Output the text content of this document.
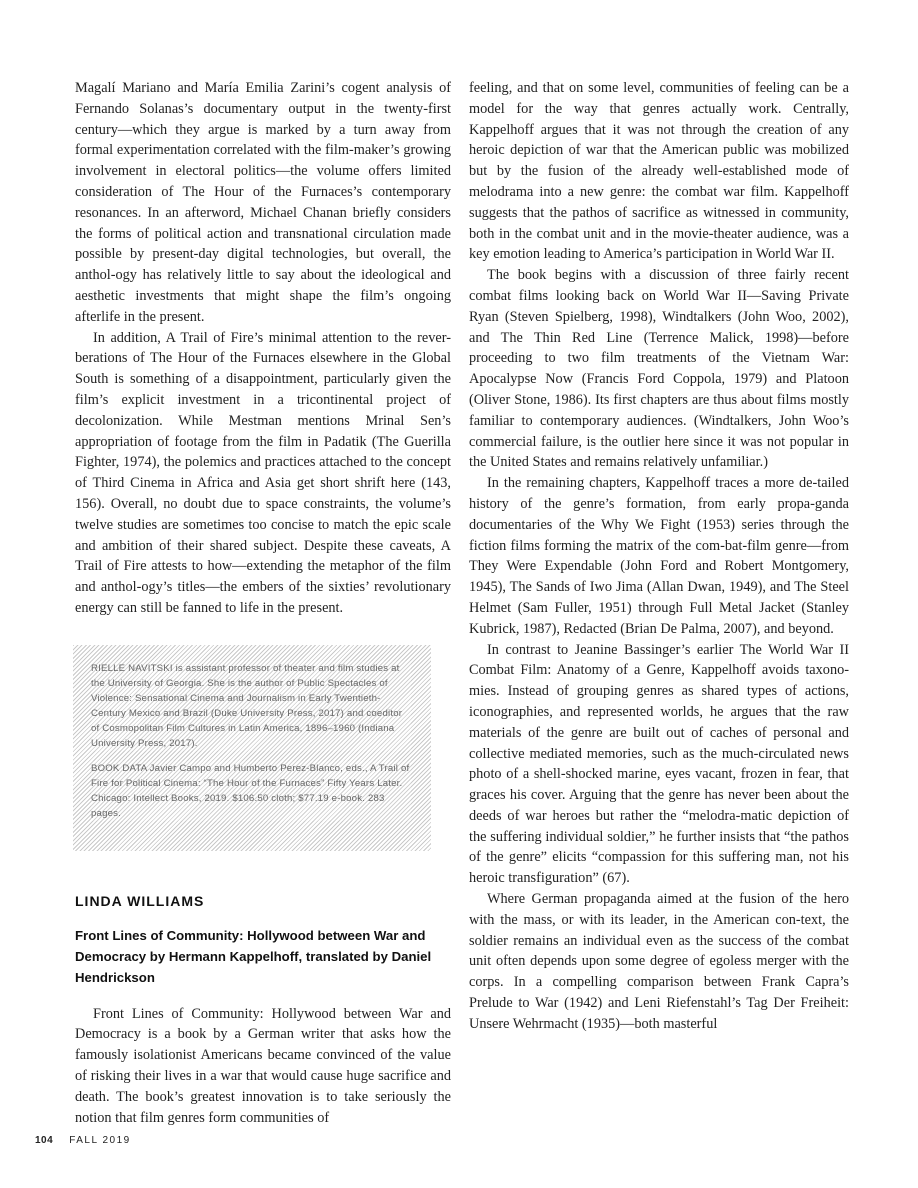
Magalí Mariano and María Emilia Zarini’s cogent analysis of Fernando Solanas’s documentary output in the twenty-first century—which they argue is marked by a turn away from formal experimentation correlated with the film-maker’s growing involvement in electoral politics—the volume offers limited consideration of The Hour of the Furnaces’s contemporary resonances. In an afterword, Michael Chanan briefly considers the forms of political action and transnational circulation made possible by present-day digital technologies, but overall, the anthol-ogy has relatively little to say about the ideological and aesthetic investments that might shape the film’s ongoing afterlife in the present.

In addition, A Trail of Fire’s minimal attention to the rever-berations of The Hour of the Furnaces elsewhere in the Global South is something of a disappointment, particularly given the film’s explicit investment in a tricontinental project of decolonization. While Mestman mentions Mrinal Sen’s appropriation of footage from the film in Padatik (The Guerilla Fighter, 1974), the polemics and practices attached to the concept of Third Cinema in Africa and Asia get short shrift here (143, 156). Overall, no doubt due to space constraints, the volume’s twelve studies are sometimes too concise to match the epic scale and ambition of their shared subject. Despite these caveats, A Trail of Fire attests to how—extending the metaphor of the film and anthol-ogy’s titles—the embers of the sixties’ revolutionary energy can still be fanned to life in the present.

RIELLE NAVITSKI is assistant professor of theater and film studies at the University of Georgia. She is the author of Public Spectacles of Violence: Sensational Cinema and Journalism in Early Twentieth-Century Mexico and Brazil (Duke University Press, 2017) and coeditor of Cosmopolitan Film Cultures in Latin America, 1896–1960 (Indiana University Press, 2017).

BOOK DATA Javier Campo and Humberto Perez-Blanco, eds., A Trail of Fire for Political Cinema: “The Hour of the Furnaces” Fifty Years Later. Chicago: Intellect Books, 2019. $106.50 cloth; $77.19 e-book. 283 pages.

LINDA WILLIAMS
Front Lines of Community: Hollywood between War and Democracy by Hermann Kappelhoff, translated by Daniel Hendrickson

Front Lines of Community: Hollywood between War and Democracy is a book by a German writer that asks how the famously isolationist Americans became convinced of the value of risking their lives in a war that would cause huge sacrifice and death. The book’s greatest innovation is to take seriously the notion that film genres form communities of

feeling, and that on some level, communities of feeling can be a model for the way that genres actually work. Centrally, Kappelhoff argues that it was not through the creation of any heroic depiction of war that the American public was mobilized but by the fusion of the already well-established mode of melodrama into a new genre: the combat war film. Kappelhoff suggests that the pathos of sacrifice as witnessed in community, both in the combat unit and in the movie-theater audience, was a key emotion leading to America’s participation in World War II.

The book begins with a discussion of three fairly recent combat films looking back on World War II—Saving Private Ryan (Steven Spielberg, 1998), Windtalkers (John Woo, 2002), and The Thin Red Line (Terrence Malick, 1998)—before proceeding to two film treatments of the Vietnam War: Apocalypse Now (Francis Ford Coppola, 1979) and Platoon (Oliver Stone, 1986). Its first chapters are thus about films mostly familiar to contemporary audiences. (Windtalkers, John Woo’s commercial failure, is the outlier here since it was not popular in the United States and remains relatively unfamiliar.)

In the remaining chapters, Kappelhoff traces a more de-tailed history of the genre’s formation, from early propa-ganda documentaries of the Why We Fight (1953) series through the fiction films forming the matrix of the com-bat-film genre—from They Were Expendable (John Ford and Robert Montgomery, 1945), The Sands of Iwo Jima (Allan Dwan, 1949), and The Steel Helmet (Sam Fuller, 1951) through Full Metal Jacket (Stanley Kubrick, 1987), Redacted (Brian De Palma, 2007), and beyond.

In contrast to Jeanine Bassinger’s earlier The World War II Combat Film: Anatomy of a Genre, Kappelhoff avoids taxono-mies. Instead of grouping genres as shared types of actions, iconographies, and represented worlds, he argues that the raw materials of the genre are built out of caches of personal and collective mediated memories, such as the much-circulated news photo of a shell-shocked marine, eyes vacant, frozen in fear, that graces his cover. Arguing that the genre has never been about the deeds of war heroes but rather the “melodra-matic depiction of the suffering individual soldier,” he further insists that “the pathos of the genre” elicits “compassion for this suffering man, not his heroic transfiguration” (67).

Where German propaganda aimed at the fusion of the hero with the mass, or with its leader, in the American con-text, the soldier remains an individual even as the success of the combat unit often depends upon some degree of egoless merger with the corps. In a compelling comparison between Frank Capra’s Prelude to War (1942) and Leni Riefenstahl’s Tag Der Freiheit: Unsere Wehrmacht (1935)—both masterful

104 FALL 2019
